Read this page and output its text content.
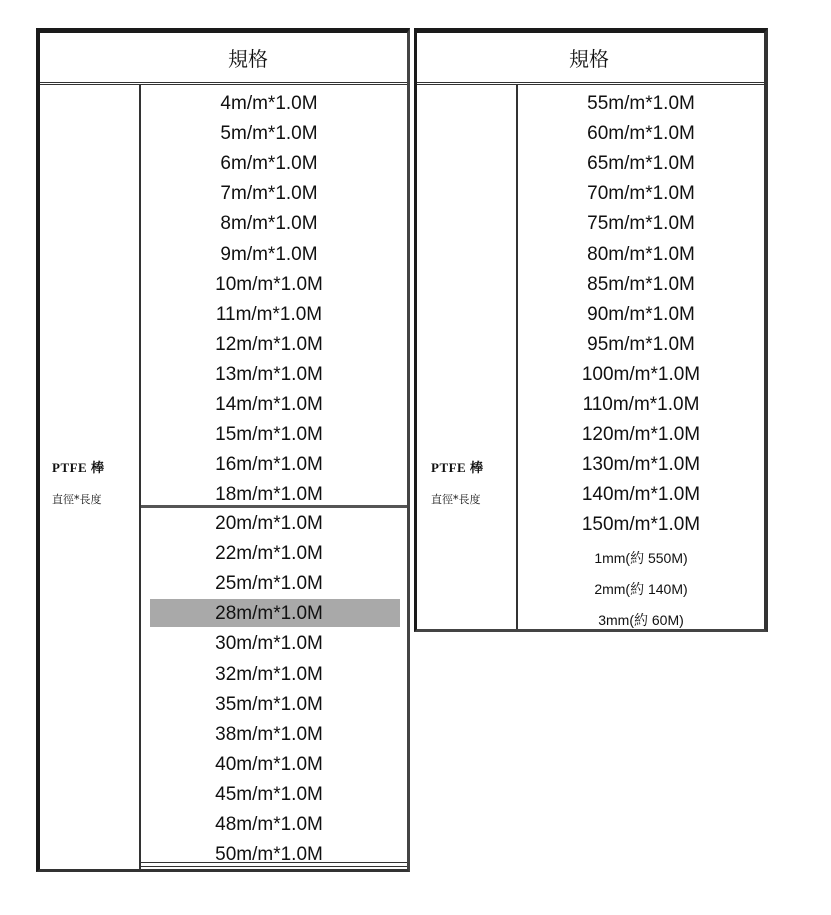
規格
PTFE 棒
直徑*長度
4m/m*1.0M
5m/m*1.0M
6m/m*1.0M
7m/m*1.0M
8m/m*1.0M
9m/m*1.0M
10m/m*1.0M
11m/m*1.0M
12m/m*1.0M
13m/m*1.0M
14m/m*1.0M
15m/m*1.0M
16m/m*1.0M
18m/m*1.0M
20m/m*1.0M
22m/m*1.0M
25m/m*1.0M
28m/m*1.0M
30m/m*1.0M
32m/m*1.0M
35m/m*1.0M
38m/m*1.0M
40m/m*1.0M
45m/m*1.0M
48m/m*1.0M
50m/m*1.0M
規格
PTFE 棒
直徑*長度
55m/m*1.0M
60m/m*1.0M
65m/m*1.0M
70m/m*1.0M
75m/m*1.0M
80m/m*1.0M
85m/m*1.0M
90m/m*1.0M
95m/m*1.0M
100m/m*1.0M
110m/m*1.0M
120m/m*1.0M
130m/m*1.0M
140m/m*1.0M
150m/m*1.0M
1mm(約 550M)
2mm(約 140M)
3mm(約 60M)
